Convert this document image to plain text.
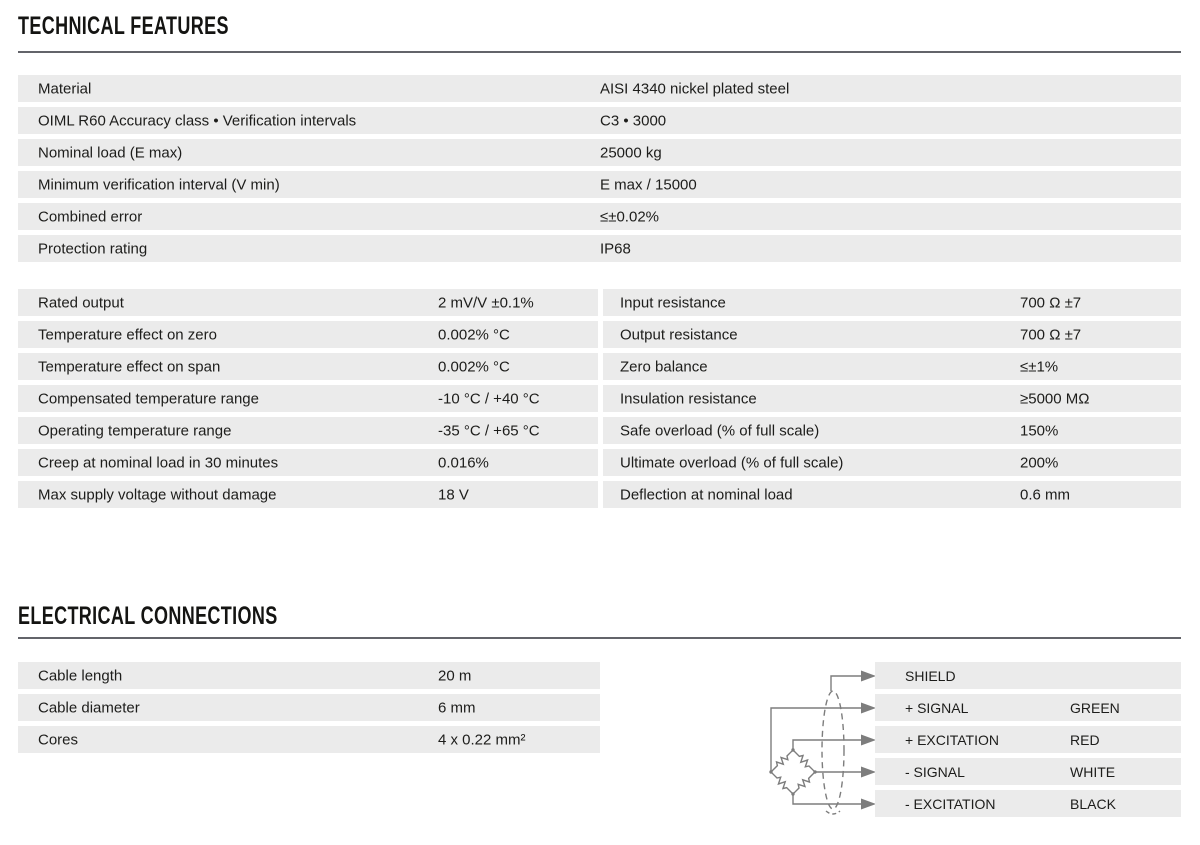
TECHNICAL FEATURES
Material	AISI 4340 nickel plated steel
OIML R60 Accuracy class • Verification intervals	C3 • 3000
Nominal load (E max)	25000 kg
Minimum verification interval (V min)	E max / 15000
Combined error	≤±0.02%
Protection rating	IP68
Rated output	2 mV/V ±0.1%
Temperature effect on zero	0.002% °C
Temperature effect on span	0.002% °C
Compensated temperature range	-10 °C / +40 °C
Operating temperature range	-35 °C / +65 °C
Creep at nominal load in 30 minutes	0.016%
Max supply voltage without damage	18 V
Input resistance	700 Ω ±7
Output resistance	700 Ω ±7
Zero balance	≤±1%
Insulation resistance	≥5000 MΩ
Safe overload (% of full scale)	150%
Ultimate overload (% of full scale)	200%
Deflection at nominal load	0.6 mm
ELECTRICAL CONNECTIONS
Cable length	20 m
Cable diameter	6 mm
Cores	4 x 0.22 mm²
SHIELD
+ SIGNAL	GREEN
+ EXCITATION	RED
- SIGNAL	WHITE
- EXCITATION	BLACK
